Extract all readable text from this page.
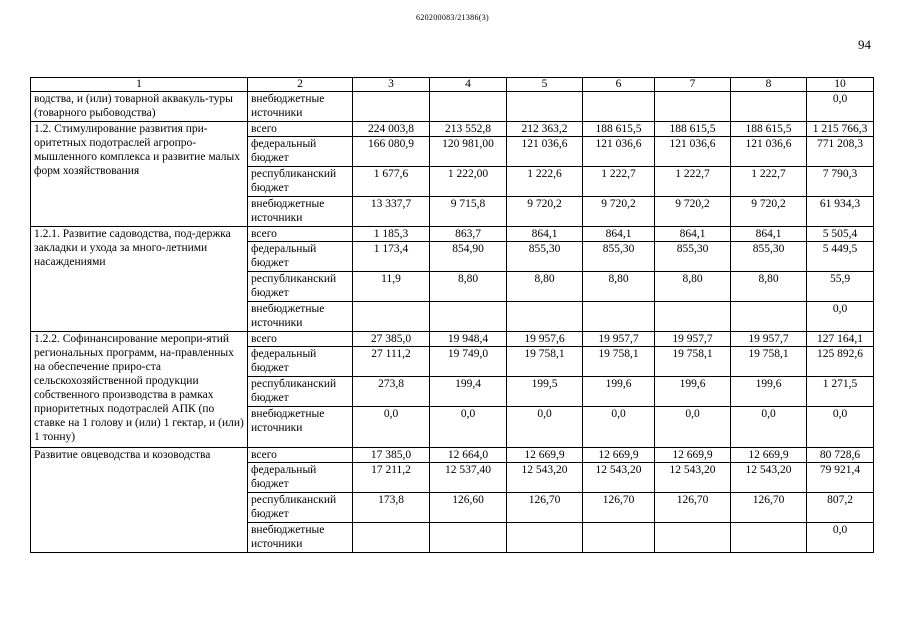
620200083/21386(3)
94
1	2	3	4	5	6	7	8	10
водства, и (или) товарной аквакуль-туры (товарного рыбоводства)	внебюджетные источники							0,0
1.2. Стимулирование развития при-оритетных подотраслей агропро-мышленного комплекса и развитие малых форм хозяйствования	всего	224 003,8	213 552,8	212 363,2	188 615,5	188 615,5	188 615,5	1 215 766,3
	федеральный бюджет	166 080,9	120 981,00	121 036,6	121 036,6	121 036,6	121 036,6	771 208,3
	республиканский бюджет	1 677,6	1 222,00	1 222,6	1 222,7	1 222,7	1 222,7	7 790,3
	внебюджетные источники	13 337,7	9 715,8	9 720,2	9 720,2	9 720,2	9 720,2	61 934,3
1.2.1. Развитие садоводства, под-держка закладки и ухода за много-летними насаждениями	всего	1 185,3	863,7	864,1	864,1	864,1	864,1	5 505,4
	федеральный бюджет	1 173,4	854,90	855,30	855,30	855,30	855,30	5 449,5
	республиканский бюджет	11,9	8,80	8,80	8,80	8,80	8,80	55,9
	внебюджетные источники							0,0
1.2.2. Софинансирование меропри-ятий региональных программ, на-правленных на обеспечение приро-ста сельскохозяйственной продукции собственного производства в рамках приоритетных подотраслей АПК (по ставке на 1 голову и (или) 1 гектар, и (или) 1 тонну)	всего	27 385,0	19 948,4	19 957,6	19 957,7	19 957,7	19 957,7	127 164,1
	федеральный бюджет	27 111,2	19 749,0	19 758,1	19 758,1	19 758,1	19 758,1	125 892,6
	республиканский бюджет	273,8	199,4	199,5	199,6	199,6	199,6	1 271,5
	внебюджетные источники	0,0	0,0	0,0	0,0	0,0	0,0	0,0
Развитие овцеводства и козоводства	всего	17 385,0	12 664,0	12 669,9	12 669,9	12 669,9	12 669,9	80 728,6
	федеральный бюджет	17 211,2	12 537,40	12 543,20	12 543,20	12 543,20	12 543,20	79 921,4
	республиканский бюджет	173,8	126,60	126,70	126,70	126,70	126,70	807,2
	внебюджетные источники							0,0
